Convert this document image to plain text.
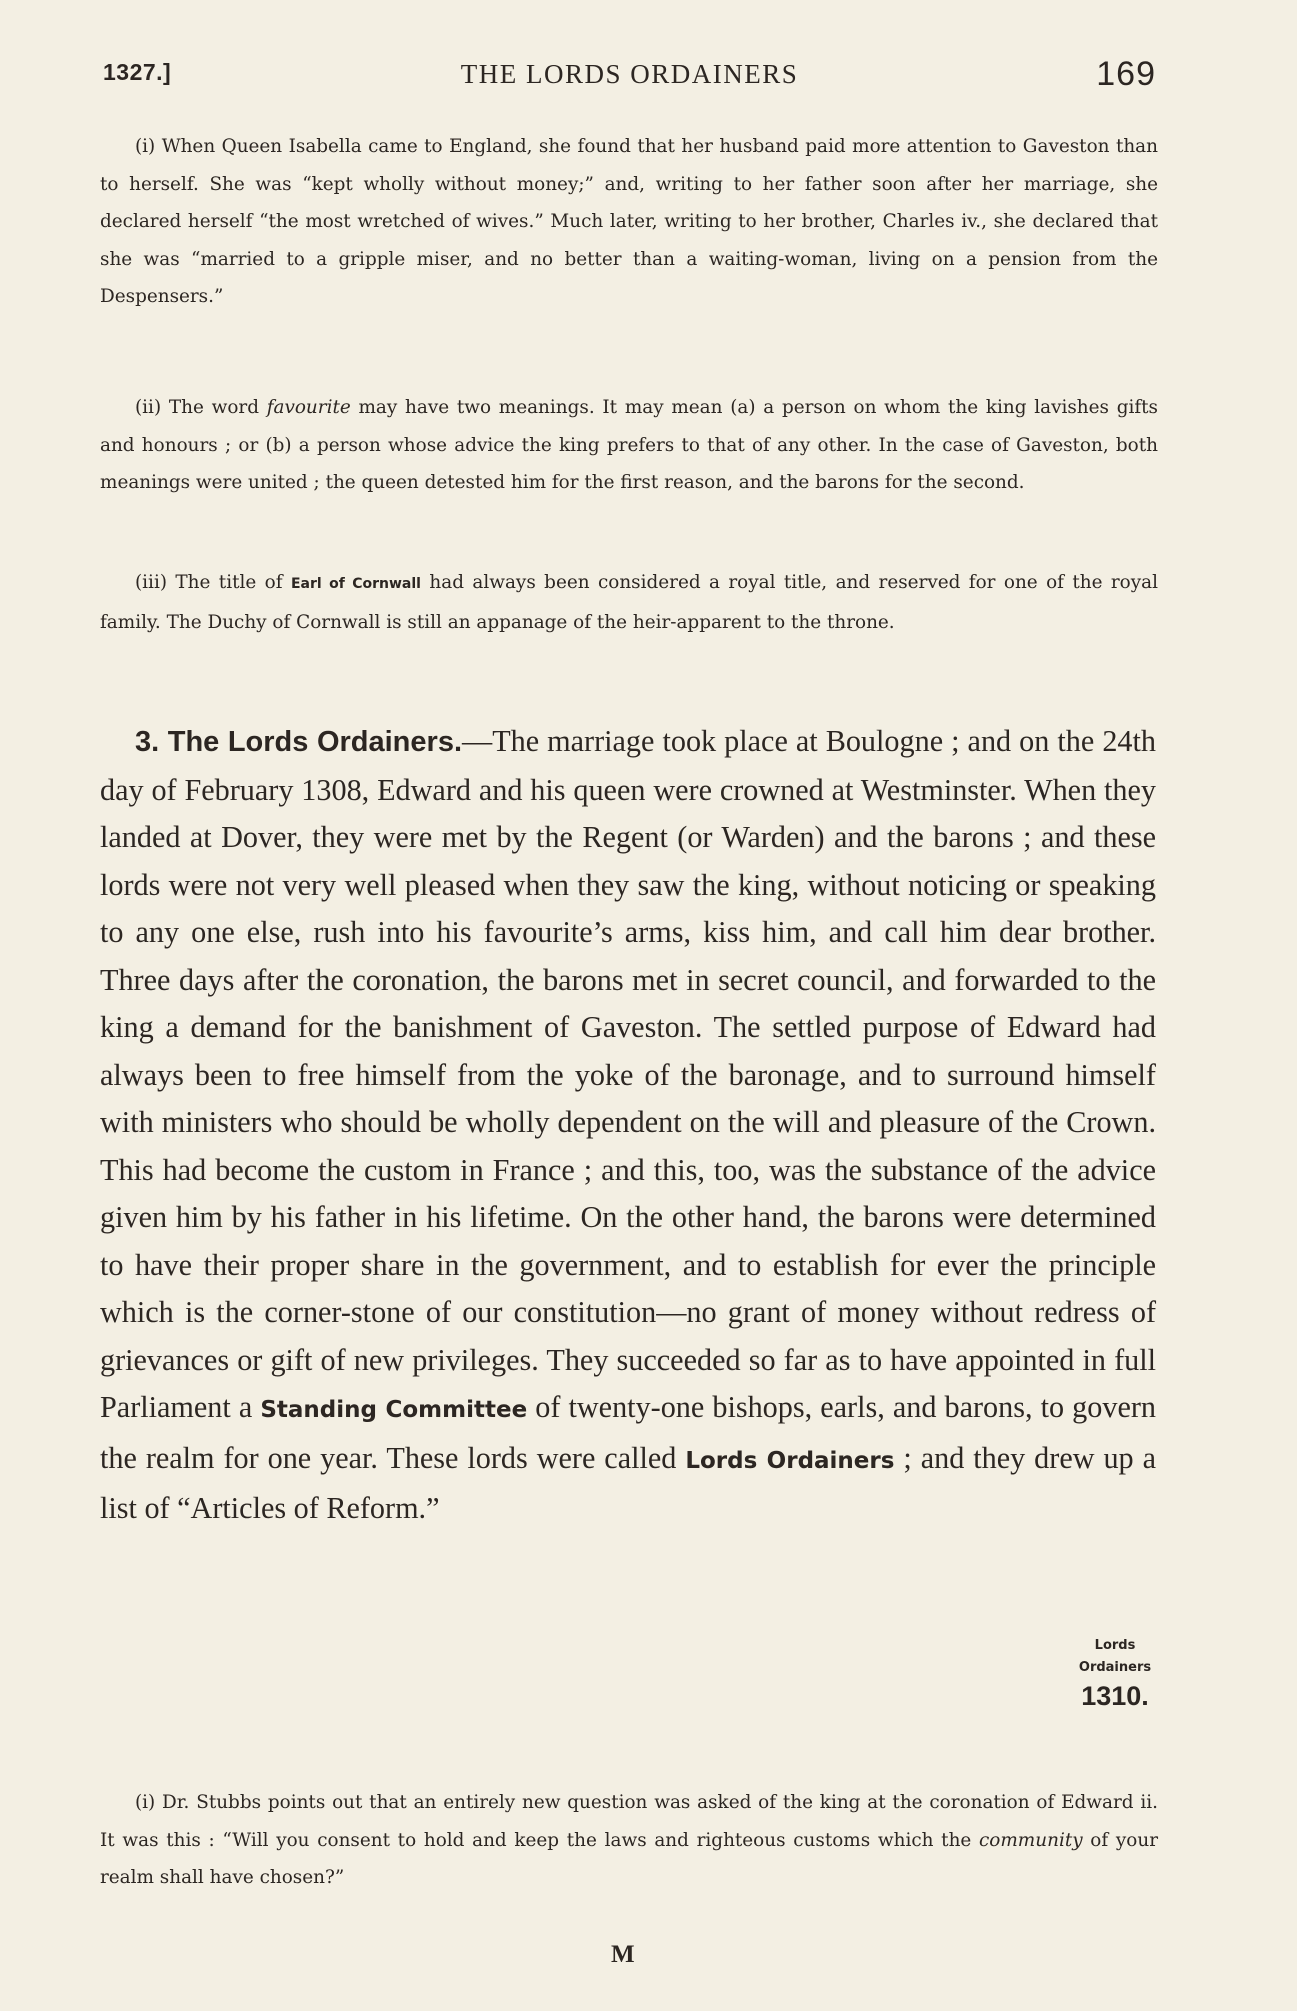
1327.]	THE LORDS ORDAINERS	169

(i) When Queen Isabella came to England, she found that her husband paid more attention to Gaveston than to herself. She was “kept wholly without money;” and, writing to her father soon after her marriage, she declared herself “the most wretched of wives.” Much later, writing to her brother, Charles iv., she declared that she was “married to a gripple miser, and no better than a waiting-woman, living on a pension from the Despensers.”

(ii) The word favourite may have two meanings. It may mean (a) a person on whom the king lavishes gifts and honours ; or (b) a person whose advice the king prefers to that of any other. In the case of Gaveston, both meanings were united ; the queen detested him for the first reason, and the barons for the second.

(iii) The title of Earl of Cornwall had always been considered a royal title, and reserved for one of the royal family. The Duchy of Cornwall is still an appanage of the heir-apparent to the throne.

3. The Lords Ordainers.—The marriage took place at Boulogne ; and on the 24th day of February 1308, Edward and his queen were crowned at Westminster. When they landed at Dover, they were met by the Regent (or Warden) and the barons ; and these lords were not very well pleased when they saw the king, without noticing or speaking to any one else, rush into his favourite’s arms, kiss him, and call him dear brother. Three days after the coronation, the barons met in secret council, and forwarded to the king a demand for the banishment of Gaveston. The settled purpose of Edward had always been to free himself from the yoke of the baronage, and to surround himself with ministers who should be wholly dependent on the will and pleasure of the Crown. This had become the custom in France ; and this, too, was the substance of the advice given him by his father in his lifetime. On the other hand, the barons were determined to have their proper share in the government, and to establish for ever the principle which is the corner-stone of our constitution—no grant of money without redress of grievances or gift of new privileges. They succeeded so far as to have appointed in full Parliament a Standing Committee of twenty-one bishops, earls, and barons, to govern the realm for one year. These lords were called Lords Ordainers ; and they drew up a list of “Articles of Reform.”

Lords
Ordainers
1310.

(i) Dr. Stubbs points out that an entirely new question was asked of the king at the coronation of Edward ii. It was this : “Will you consent to hold and keep the laws and righteous customs which the community of your realm shall have chosen?”

M
